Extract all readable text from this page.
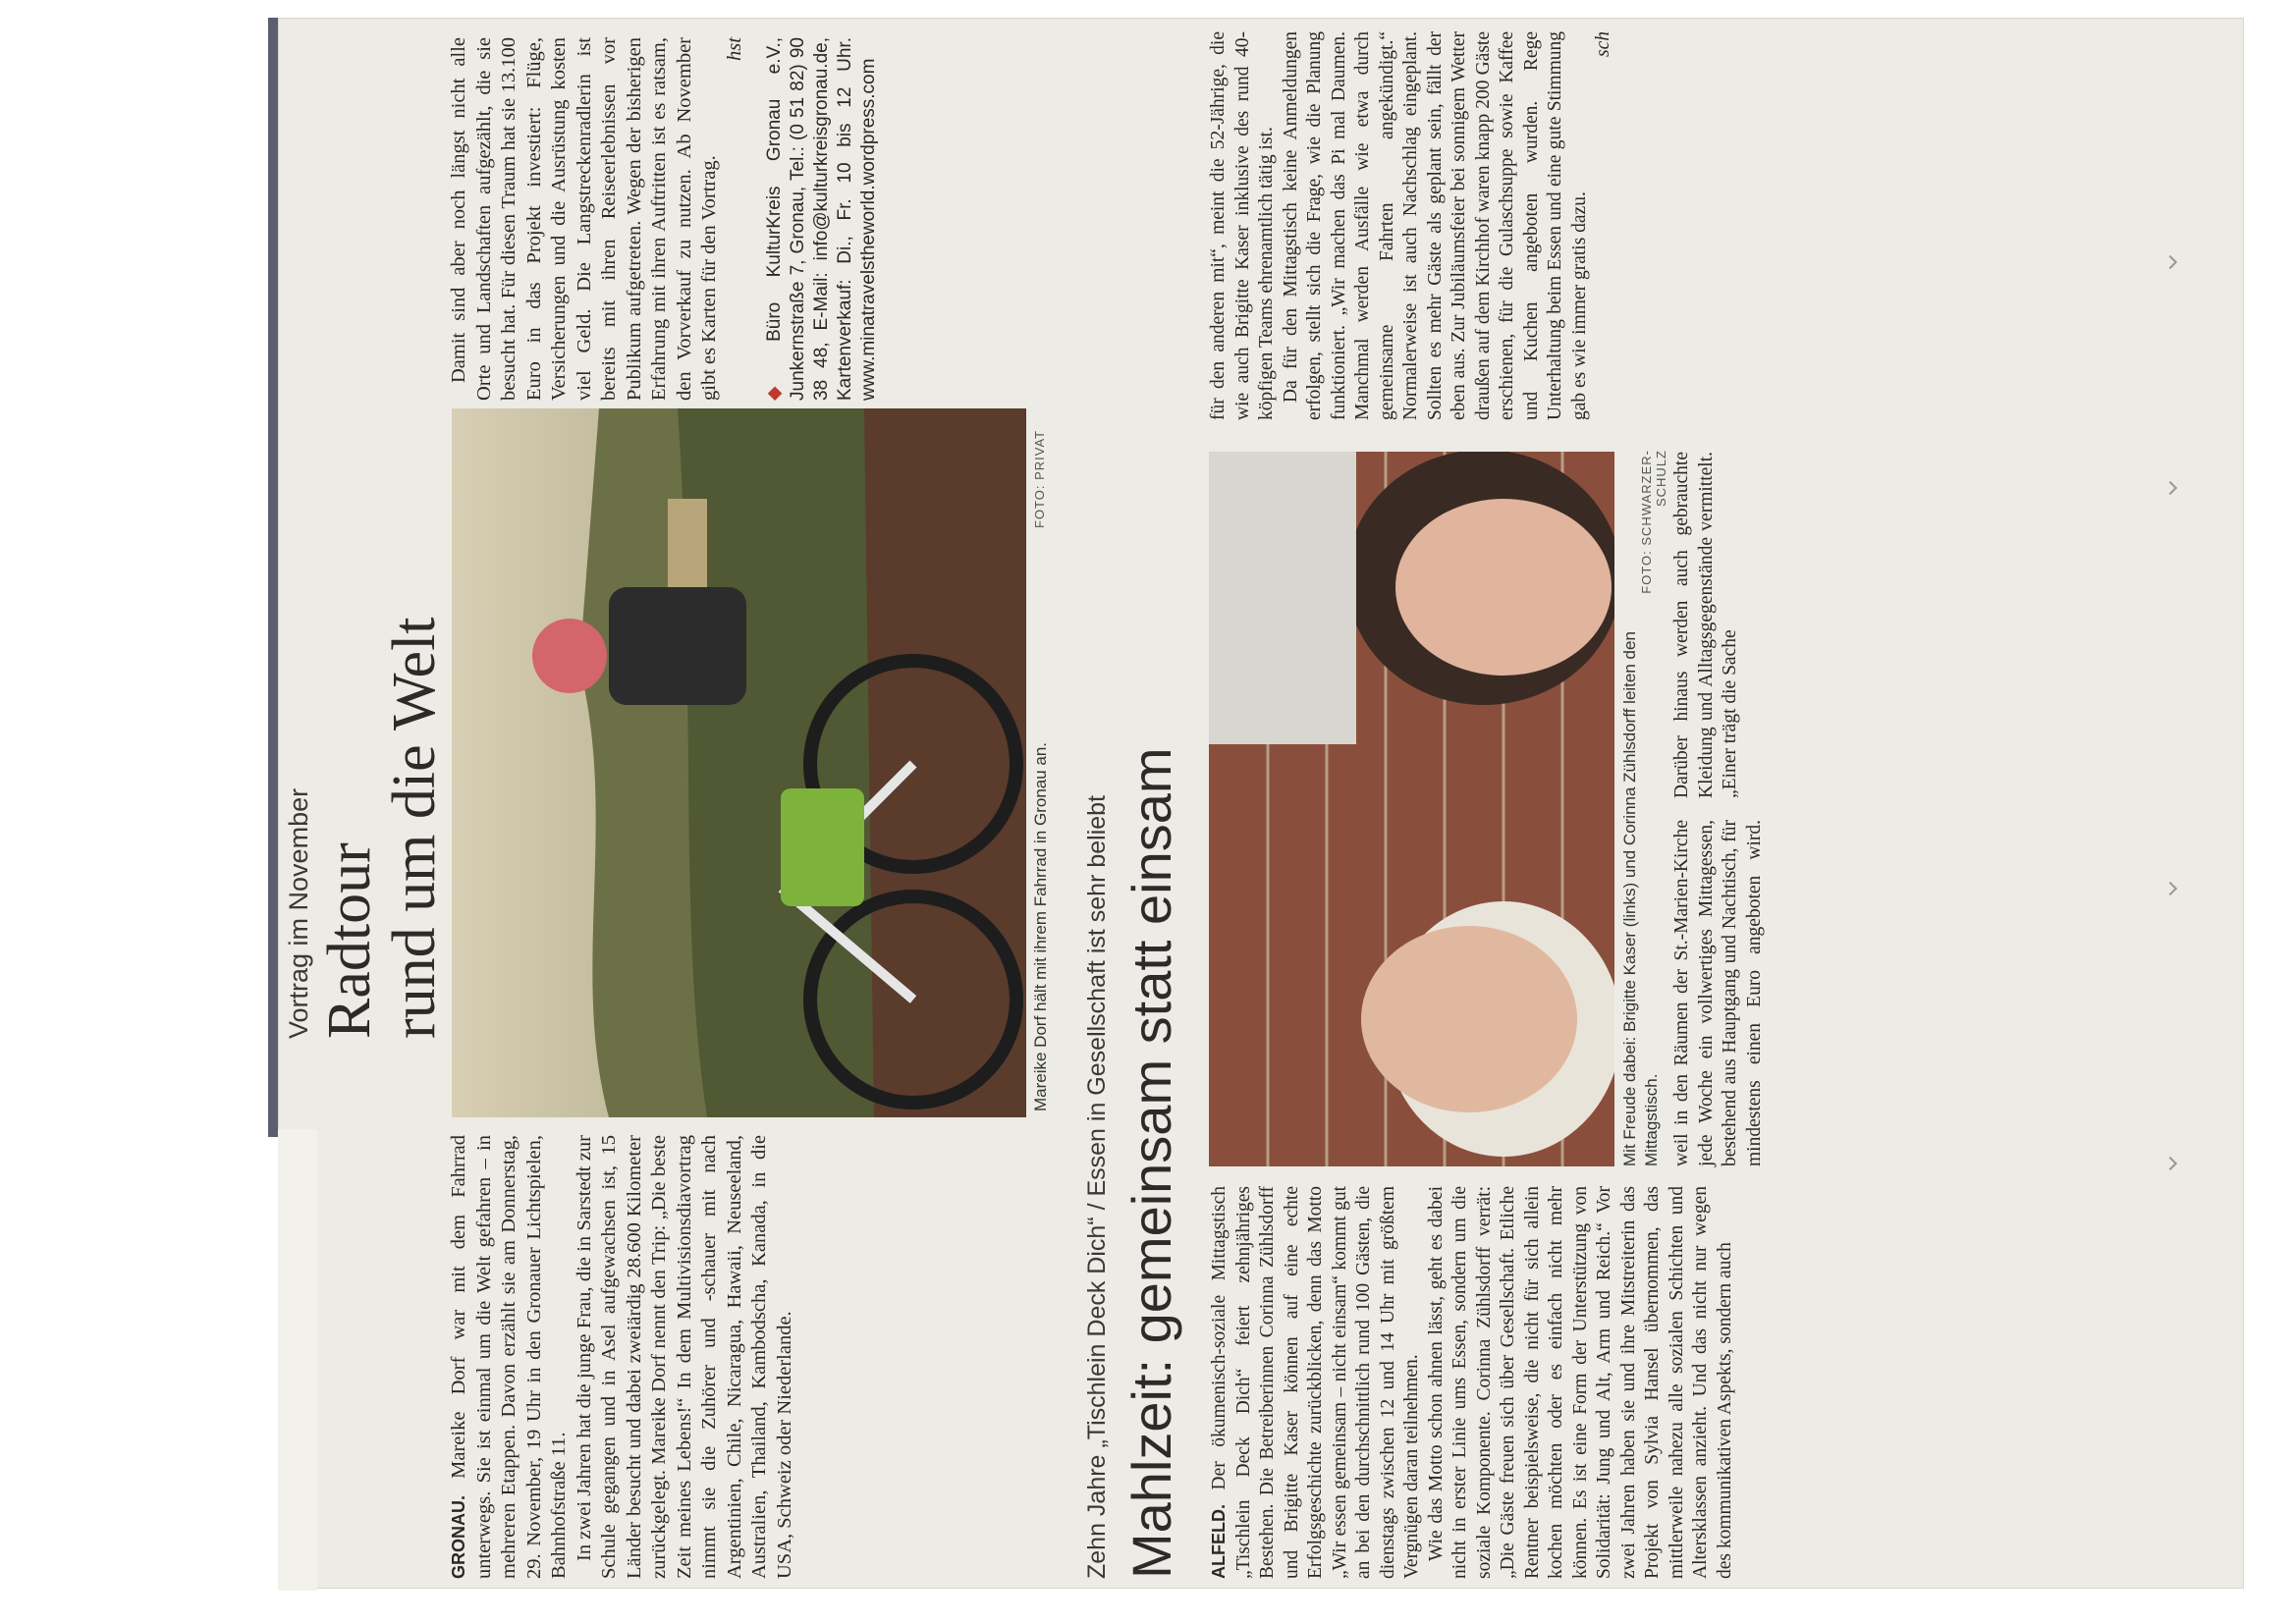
Vortrag im November Radtour
rund um die Welt

GRONAU. Mareike Dorf war mit dem Fahrrad unterwegs. Sie ist einmal um die Welt gefahren – in mehreren Etappen. Davon erzählt sie am Donnerstag, 29. November, 19 Uhr in den Gronauer Lichtspielen, Bahnhofstraße 11. In zwei Jahren hat die junge Frau, die in Sarstedt zur Schule gegangen und in Asel aufgewachsen ist, 15 Länder besucht und dabei zweiärdig 28.600 Kilometer zurückgelegt. Mareike Dorf nennt den Trip: „Die beste Zeit meines Lebens!“ In dem Multivisionsdiavortrag nimmt sie die Zuhörer und -schauer mit nach Argentinien, Chile, Nicaragua, Hawaii, Neuseeland, Australien, Thailand, Kambodscha, Kanada, in die USA, Schweiz oder Niederlande.

Mareike Dorf hält mit ihrem Fahrrad in Gronau an.
FOTO: PRIVAT

Damit sind aber noch längst nicht alle Orte und Landschaften aufgezählt, die sie besucht hat. Für diesen Traum hat sie 13.100 Euro in das Projekt investiert: Flüge, Versicherungen und die Ausrüstung kosten viel Geld. Die Langstreckenradlerin ist bereits mit ihren Reiseerlebnissen vor Publikum aufgetreten. Wegen der bisherigen Erfahrung mit ihren Auftritten ist es ratsam, den Vorverkauf zu nutzen. Ab November gibt es Karten für den Vortrag.

hst
◆ Büro KulturKreis Gronau e.V., Junkernstraße 7, Gronau, Tel.: (0 51 82) 90 38 48, E-Mail: info@kulturkreisgronau.de, Kartenverkauf: Di., Fr. 10 bis 12 Uhr. www.minatravelstheworld.wordpress.com
Zehn Jahre „Tischlein Deck Dich“ / Essen in Gesellschaft ist sehr beliebt Mahlzeit: gemeinsam statt einsam ALFELD. Der ökumenisch-soziale Mittagstisch „Tischlein Deck Dich“ feiert zehnjähriges Bestehen. Die Betreiberinnen Corinna Zühlsdorff und Brigitte Kaser können auf eine echte Erfolgsgeschichte zurückblicken, denn das Motto „Wir essen gemeinsam – nicht einsam“ kommt gut an bei den durchschnittlich rund 100 Gästen, die dienstags zwischen 12 und 14 Uhr mit größtem Vergnügen daran teilnehmen. Wie das Motto schon ahnen lässt, geht es dabei nicht in erster Linie ums Essen, sondern um die soziale Komponente. Corinna Zühlsdorff verrät: „Die Gäste freuen sich über Gesellschaft. Etliche Rentner beispielsweise, die nicht für sich allein kochen möchten oder es einfach nicht mehr können. Es ist eine Form der Unterstützung von Solidarität: Jung und Alt, Arm und Reich.“ Vor zwei Jahren haben sie und ihre Mitstreiterin das Projekt von Sylvia Hansel übernommen, das mittlerweile nahezu alle sozialen Schichten und Altersklassen anzieht. Und das nicht nur wegen des kommunikativen Aspekts, sondern auch

Mit Freude dabei: Brigitte Kaser (links) und Corinna Zühlsdorff leiten den Mittagstisch.
FOTO: SCHWARZER-SCHULZ

weil in den Räumen der St.-Marien-Kirche jede Woche ein vollwertiges Mittagessen, bestehend aus Hauptgang und Nachtisch, für mindestens einen Euro angeboten wird. Darüber hinaus werden auch gebrauchte Kleidung und Alltagsgegenstände vermittelt. „Einer trägt die Sache

für den anderen mit“, meint die 52-Jährige, die wie auch Brigitte Kaser inklusive des rund 40-köpfigen Teams ehrenamtlich tätig ist. Da für den Mittagstisch keine Anmeldungen erfolgen, stellt sich die Frage, wie die Planung funktioniert. „Wir machen das Pi mal Daumen. Manchmal werden Ausfälle wie etwa durch gemeinsame Fahrten angekündigt.“ Normalerweise ist auch Nachschlag eingeplant. Sollten es mehr Gäste als geplant sein, fällt der eben aus. Zur Jubiläumsfeier bei sonnigem Wetter draußen auf dem Kirchhof waren knapp 200 Gäste erschienen, für die Gulaschsuppe sowie Kaffee und Kuchen angeboten wurden. Rege Unterhaltung beim Essen und eine gute Stimmung gab es wie immer gratis dazu.

sch
